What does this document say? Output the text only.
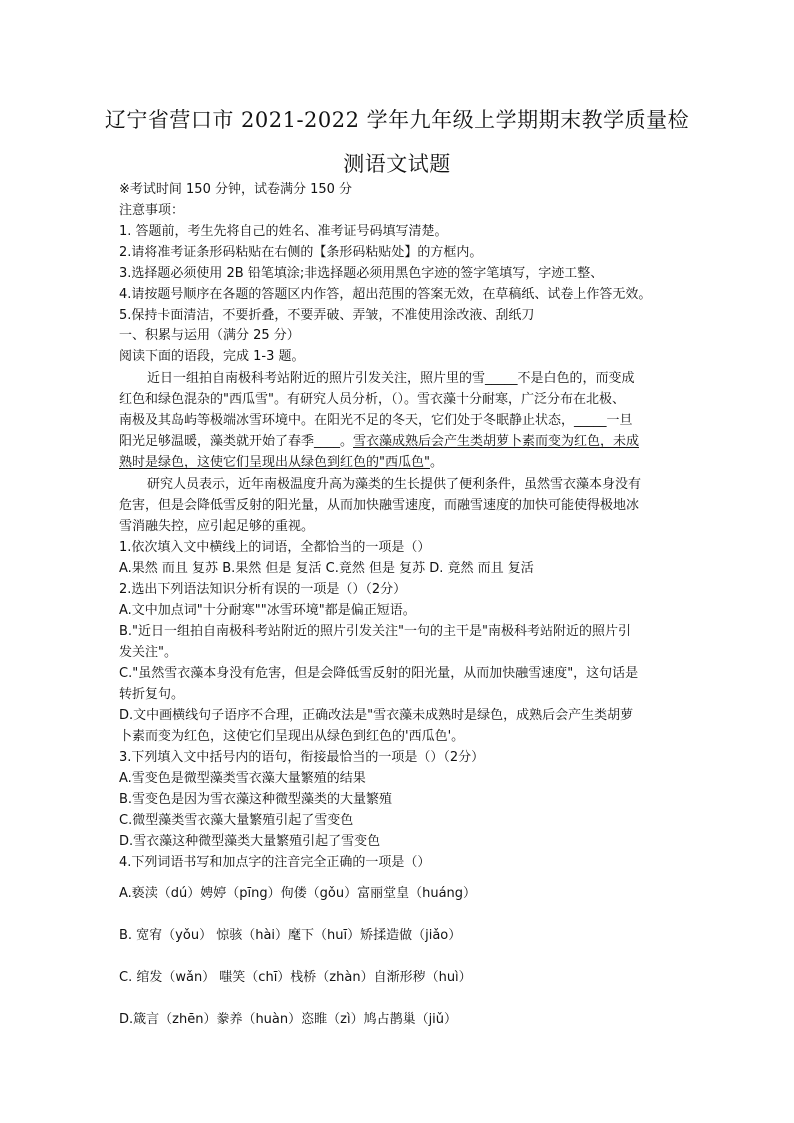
辽宁省营口市 2021-2022 学年九年级上学期期末教学质量检
测语文试题
※考试时间 150 分钟，试卷满分 150 分
注意事项：
1. 答题前，考生先将自己的姓名、准考证号码填写清楚。
2.请将准考证条形码粘贴在右侧的【条形码粘贴处】的方框内。
3.选择题必须使用 2B 铅笔填涂;非选择题必须用黑色字迹的签字笔填写，字迹工整、
4.请按题号顺序在各题的答题区内作答，超出范围的答案无效，在草稿纸、试卷上作答无效。
5.保持卡面清洁，不要折叠，不要弄破、弄皱，不准使用涂改液、刮纸刀
一、积累与运用（满分 25 分）
阅读下面的语段，完成 1-3 题。
近日一组拍自南极科考站附近的照片引发关注，照片里的雪_____不是白色的，而变成
红色和绿色混杂的"西瓜雪"。有研究人员分析，（）。雪衣藻十分耐寒，广泛分布在北极、
南极及其岛屿等极端冰雪环境中。在阳光不足的冬天，它们处于冬眠静止状态，_____一旦
阳光足够温暖，藻类就开始了春季____。雪衣藻成熟后会产生类胡萝卜素而变为红色，未成
熟时是绿色，这使它们呈现出从绿色到红色的"西瓜色"。
研究人员表示，近年南极温度升高为藻类的生长提供了便利条件，虽然雪衣藻本身没有
危害，但是会降低雪反射的阳光量，从而加快融雪速度，而融雪速度的加快可能使得极地冰
雪消融失控，应引起足够的重视。
1.依次填入文中横线上的词语，全都恰当的一项是（）
A.果然 而且 复苏 B.果然 但是 复活 C.竟然 但是 复苏 D. 竟然 而且 复活
2.选出下列语法知识分析有误的一项是（）（2分）
A.文中加点词"十分耐寒""冰雪环境"都是偏正短语。
B."近日一组拍自南极科考站附近的照片引发关注"一句的主干是"南极科考站附近的照片引
发关注"。
C."虽然雪衣藻本身没有危害，但是会降低雪反射的阳光量，从而加快融雪速度"，这句话是
转折复句。
D.文中画横线句子语序不合理，正确改法是"雪衣藻未成熟时是绿色，成熟后会产生类胡萝
卜素而变为红色，这使它们呈现出从绿色到红色的'西瓜色'。
3.下列填入文中括号内的语句，衔接最恰当的一项是（）（2分）
A.雪变色是微型藻类雪衣藻大量繁殖的结果
B.雪变色是因为雪衣藻这种微型藻类的大量繁殖
C.微型藻类雪衣藻大量繁殖引起了雪变色
D.雪衣藻这种微型藻类大量繁殖引起了雪变色
4.下列词语书写和加点字的注音完全正确的一项是（）
A.亵渎（dú）娉婷（pīng）佝偻（gǒu）富丽堂皇（huáng）
B. 宽宥（yǒu） 惊骇（hài）麾下（huī）矫揉造做（jiǎo）
C. 绾发（wǎn） 嗤笑（chī）栈桥（zhàn）自渐形秽（huì）
D.箴言（zhēn）豢养（huàn）恣睢（zì）鸠占鹊巢（jiǔ）
